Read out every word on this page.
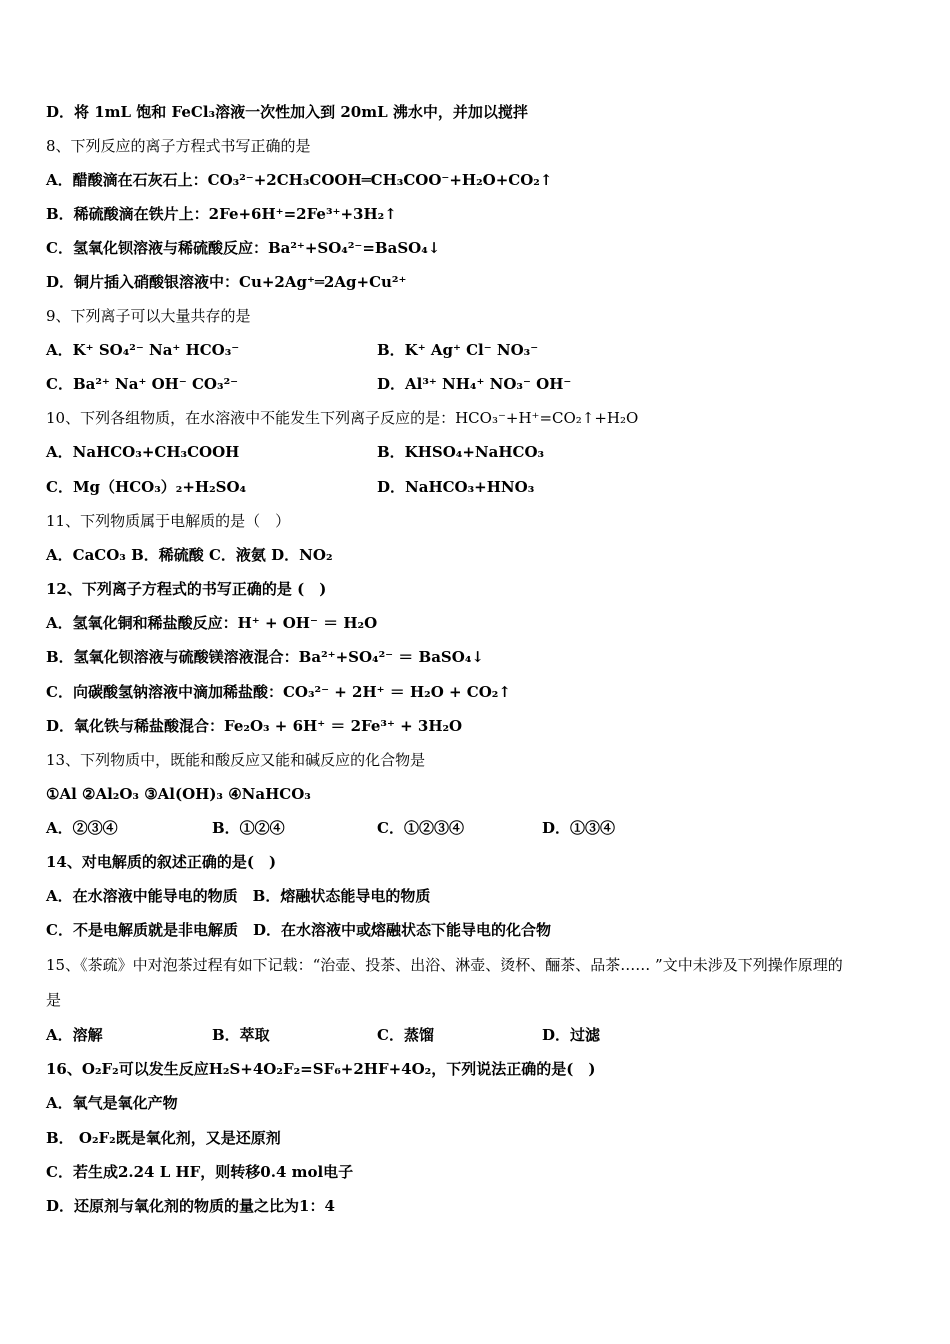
D．将 1mL 饱和 FeCl₃溶液一次性加入到 20mL 沸水中，并加以搅拌
8、下列反应的离子方程式书写正确的是
A．醋酸滴在石灰石上：CO₃²⁻+2CH₃COOH═CH₃COO⁻+H₂O+CO₂↑
B．稀硫酸滴在铁片上：2Fe+6H⁺=2Fe³⁺+3H₂↑
C．氢氧化钡溶液与稀硫酸反应：Ba²⁺+SO₄²⁻=BaSO₄↓
D．铜片插入硝酸银溶液中：Cu+2Ag⁺═2Ag+Cu²⁺
9、下列离子可以大量共存的是
A．K⁺ SO₄²⁻ Na⁺ HCO₃⁻	B．K⁺ Ag⁺ Cl⁻ NO₃⁻
C．Ba²⁺ Na⁺ OH⁻ CO₃²⁻	D．Al³⁺ NH₄⁺ NO₃⁻ OH⁻
10、下列各组物质，在水溶液中不能发生下列离子反应的是：HCO₃⁻+H⁺=CO₂↑+H₂O
A．NaHCO₃+CH₃COOH	B．KHSO₄+NaHCO₃
C．Mg（HCO₃）₂+H₂SO₄	D．NaHCO₃+HNO₃
11、下列物质属于电解质的是（　）
A．CaCO₃ B．稀硫酸 C．液氨 D．NO₂
12、下列离子方程式的书写正确的是 (　)
A．氢氧化铜和稀盐酸反应：H⁺ + OH⁻ ＝ H₂O
B．氢氧化钡溶液与硫酸镁溶液混合：Ba²⁺+SO₄²⁻ ＝ BaSO₄↓
C．向碳酸氢钠溶液中滴加稀盐酸：CO₃²⁻ + 2H⁺ ＝ H₂O + CO₂↑
D．氧化铁与稀盐酸混合：Fe₂O₃ + 6H⁺ ＝ 2Fe³⁺ + 3H₂O
13、下列物质中，既能和酸反应又能和碱反应的化合物是
①Al ②Al₂O₃ ③Al(OH)₃ ④NaHCO₃
A．②③④	B．①②④	C．①②③④	D．①③④
14、对电解质的叙述正确的是(　)
A．在水溶液中能导电的物质　B．熔融状态能导电的物质
C．不是电解质就是非电解质　D．在水溶液中或熔融状态下能导电的化合物
15、《茶疏》中对泡茶过程有如下记载：“治壶、投茶、出浴、淋壶、烫杯、酾茶、品茶…… ”文中未涉及下列操作原理的
是
A．溶解	B．萃取	C．蒸馏	D．过滤
16、O₂F₂可以发生反应H₂S+4O₂F₂=SF₆+2HF+4O₂，下列说法正确的是(　)
A．氧气是氧化产物
B． O₂F₂既是氧化剂，又是还原剂
C．若生成2.24 L HF，则转移0.4 mol电子
D．还原剂与氧化剂的物质的量之比为1：4
